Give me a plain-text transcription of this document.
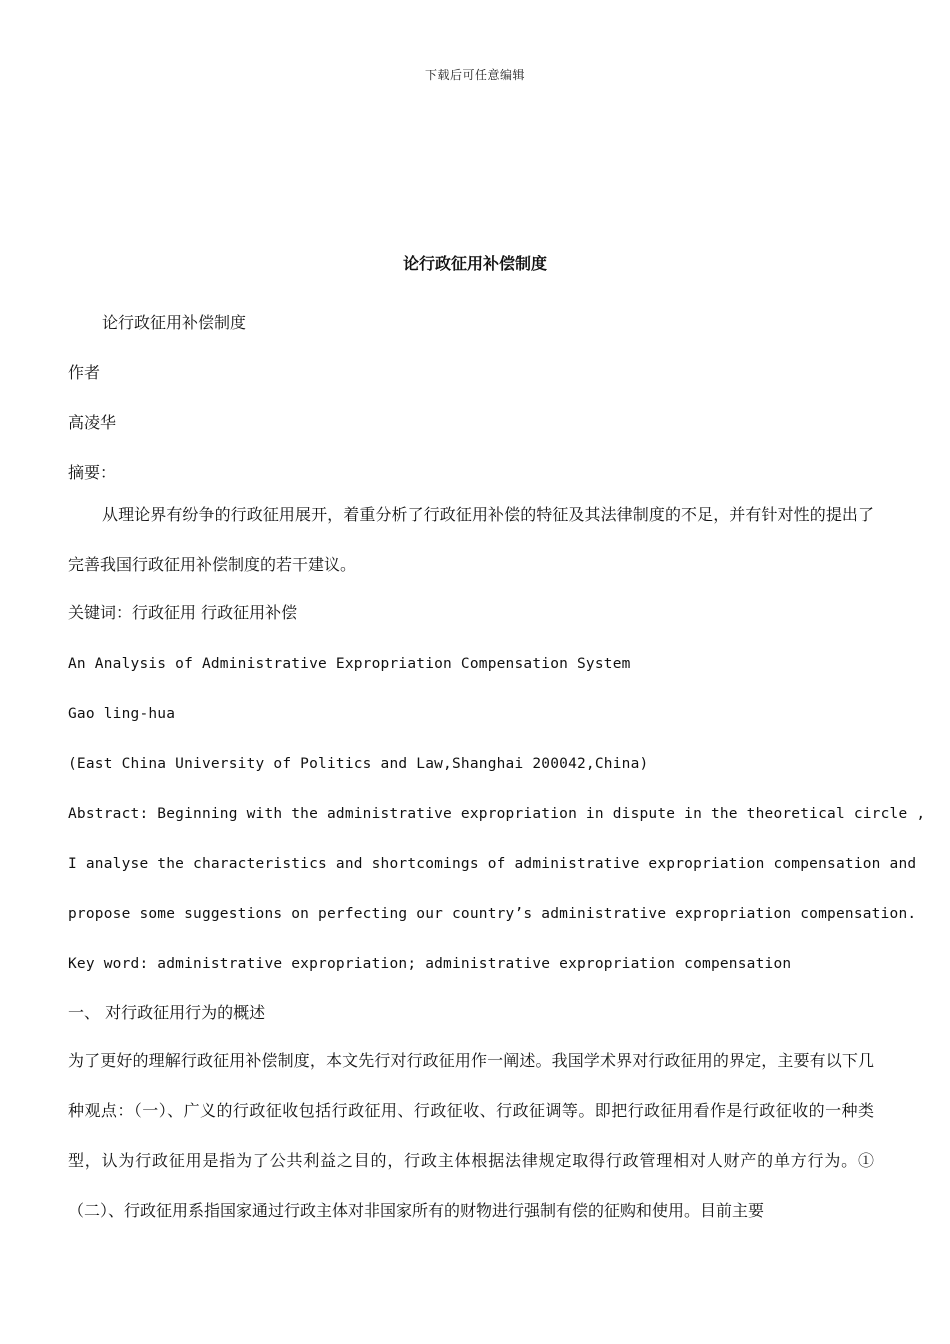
下载后可任意编辑
论行政征用补偿制度
论行政征用补偿制度
作者
高凌华
摘要：
从理论界有纷争的行政征用展开，着重分析了行政征用补偿的特征及其法律制度的不足，并有针对性的提出了完善我国行政征用补偿制度的若干建议。
关键词：行政征用 行政征用补偿
An Analysis of Administrative Expropriation Compensation System
Gao ling-hua
(East China University of Politics and Law,Shanghai 200042,China)
Abstract: Beginning with the administrative expropriation in dispute in the theoretical circle ,
I analyse the characteristics and shortcomings of administrative expropriation compensation and
propose some suggestions on perfecting our country’s administrative expropriation compensation.
Key word: administrative expropriation; administrative expropriation compensation
一、 对行政征用行为的概述
为了更好的理解行政征用补偿制度，本文先行对行政征用作一阐述。我国学术界对行政征用的界定，主要有以下几种观点：（一）、广义的行政征收包括行政征用、行政征收、行政征调等。即把行政征用看作是行政征收的一种类型，认为行政征用是指为了公共利益之目的，行政主体根据法律规定取得行政管理相对人财产的单方行为。①（二）、行政征用系指国家通过行政主体对非国家所有的财物进行强制有偿的征购和使用。目前主要
